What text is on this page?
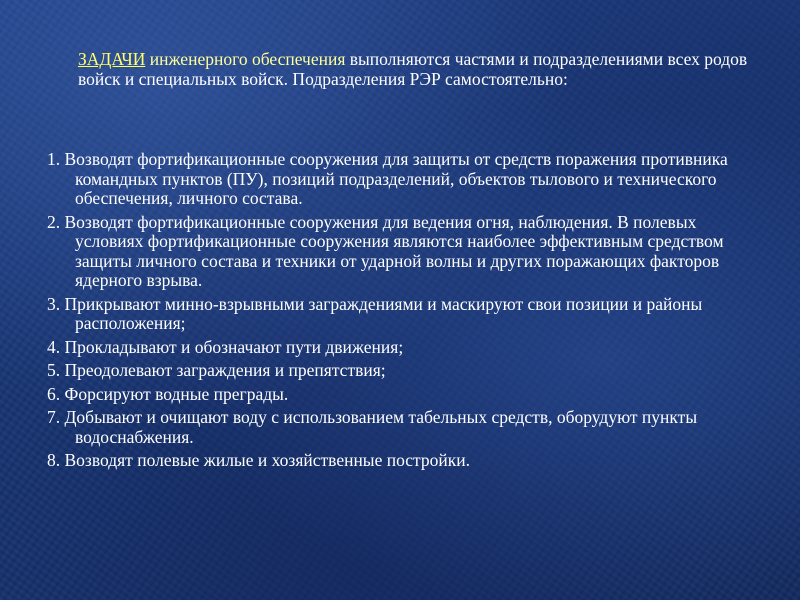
ЗАДАЧИ инженерного обеспечения выполняются частями и подразделениями всех родов войск и специальных войск. Подразделения РЭР самостоятельно:
1. Возводят фортификационные сооружения для защиты от средств поражения противника командных пунктов (ПУ), позиций подразделений, объектов тылового и технического обеспечения, личного состава.
2. Возводят фортификационные сооружения для ведения огня, наблюдения. В полевых условиях фортификационные сооружения являются наиболее эффективным средством защиты личного состава и техники от ударной волны и других поражающих факторов ядерного взрыва.
3. Прикрывают минно-взрывными заграждениями и маскируют свои позиции и районы расположения;
4. Прокладывают и обозначают пути движения;
5. Преодолевают заграждения и препятствия;
6. Форсируют водные преграды.
7. Добывают и очищают воду с использованием табельных средств, оборудуют пункты водоснабжения.
8. Возводят полевые жилые и хозяйственные постройки.
